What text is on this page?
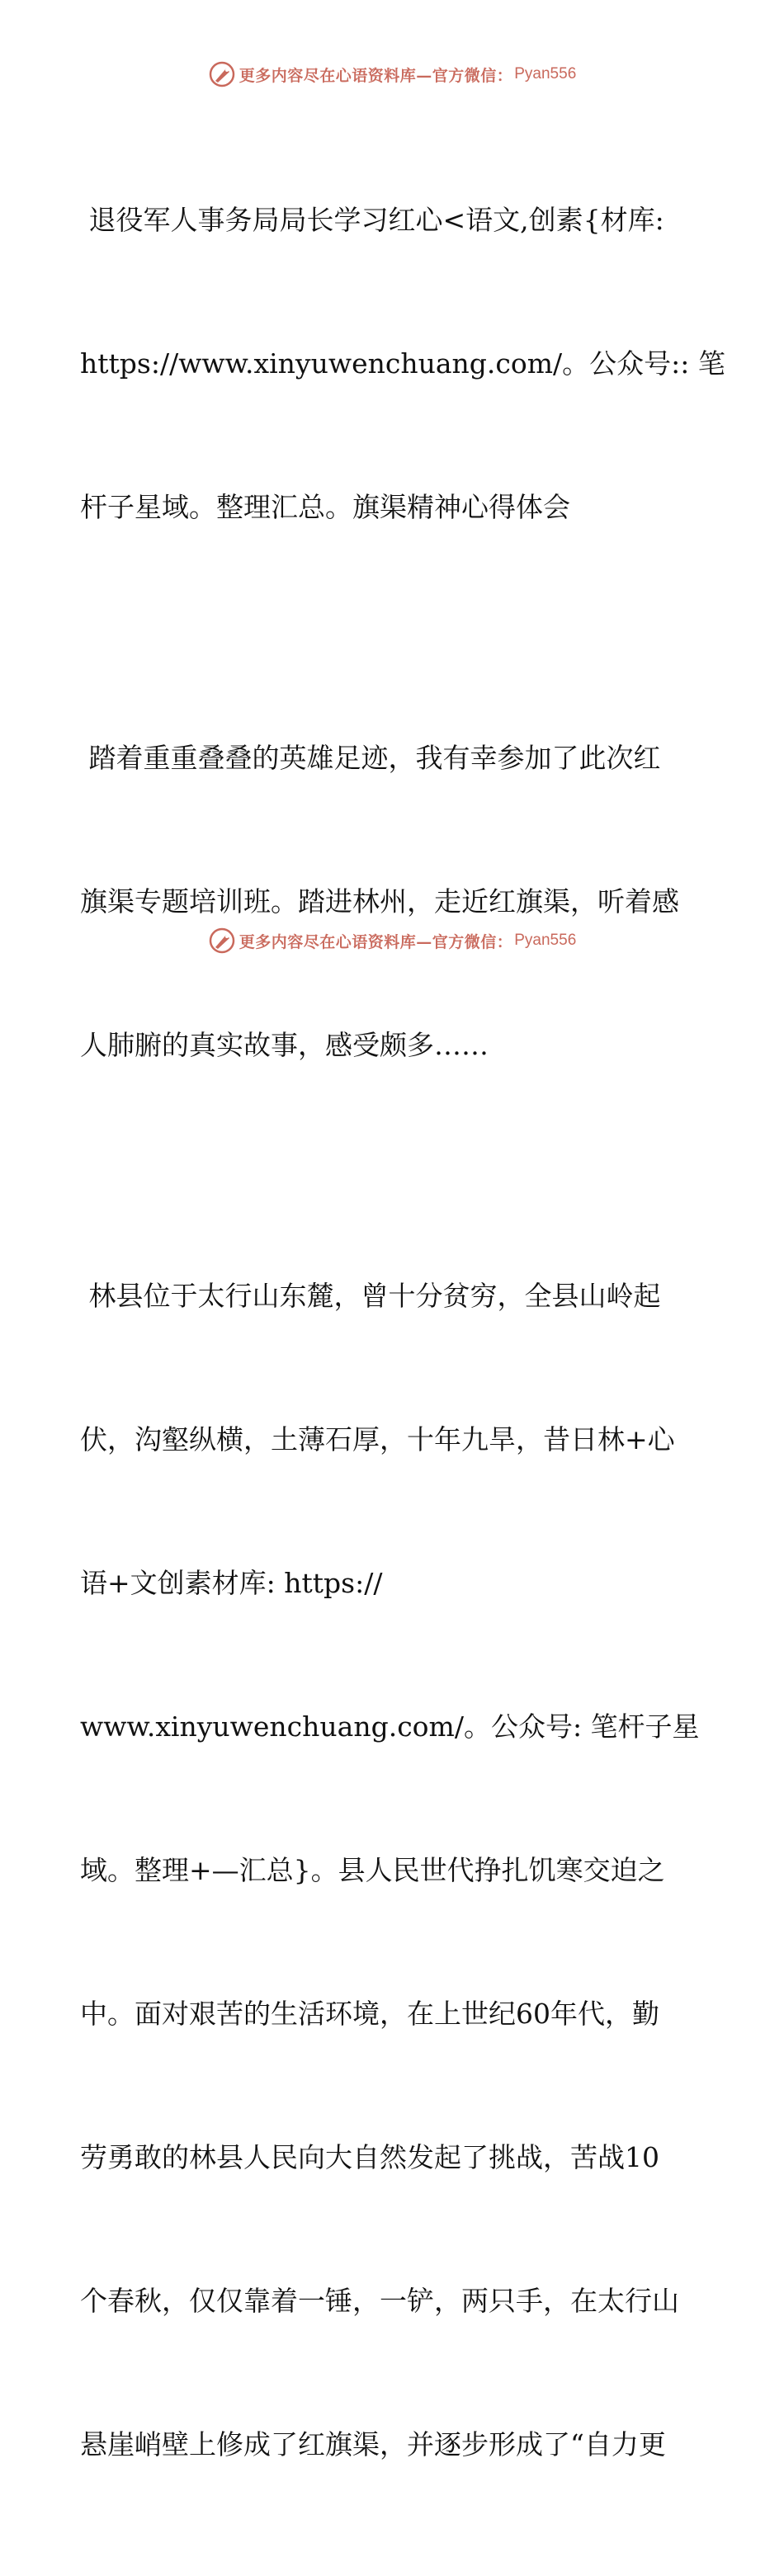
更多内容尽在心语资料库—官方微信： Pyan556

退役军人事务局局长学习红心<语文,创素{材库:

https://www.xinyuwenchuang.com/。公众号:: 笔

杆子星域。整理汇总。旗渠精神心得体会

踏着重重叠叠的英雄足迹，我有幸参加了此次红

旗渠专题培训班。踏进林州，走近红旗渠，听着感

人肺腑的真实故事，感受颇多……

林县位于太行山东麓，曾十分贫穷，全县山岭起

伏，沟壑纵横，土薄石厚，十年九旱，昔日林+心

语+文创素材库: https://

www.xinyuwenchuang.com/。公众号: 笔杆子星

域。整理+—汇总}。县人民世代挣扎饥寒交迫之

中。面对艰苦的生活环境，在上世纪60年代，勤

劳勇敢的林县人民向大自然发起了挑战，苦战10

个春秋，仅仅靠着一锤，一铲，两只手，在太行山

悬崖峭壁上修成了红旗渠，并逐步形成了“自力更

更多内容尽在心语资料库—官方微信： Pyan556
